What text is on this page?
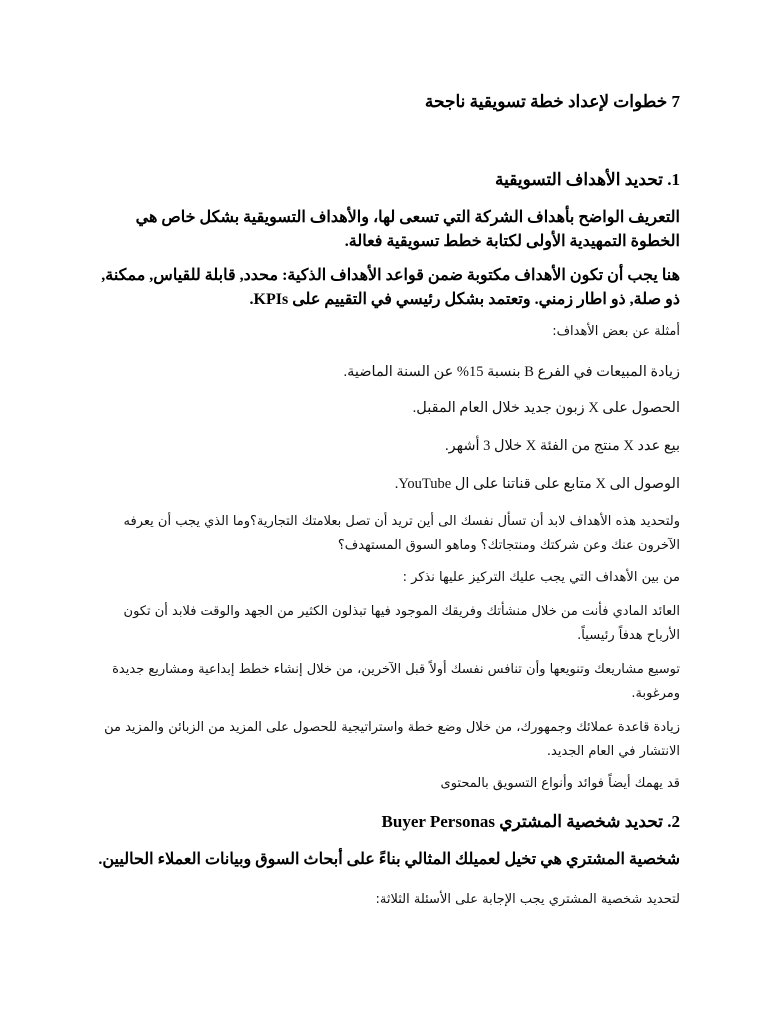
7 خطوات لإعداد خطة تسويقية ناجحة

1. تحديد الأهداف التسويقية

التعريف الواضح بأهداف الشركة التي تسعى لها، والأهداف التسويقية بشكل خاص هي الخطوة التمهيدية الأولى لكتابة خطط تسويقية فعالة.

هنا يجب أن تكون الأهداف مكتوبة ضمن قواعد الأهداف الذكية: محدد, قابلة للقياس, ممكنة, ذو صلة, ذو اطار زمني. وتعتمد بشكل رئيسي في التقييم على KPIs.

أمثلة عن بعض الأهداف:

زيادة المبيعات في الفرع B بنسبة 15% عن السنة الماضية.

الحصول على X زبون جديد خلال العام المقبل.

بيع عدد X منتج من الفئة X خلال 3 أشهر.

الوصول الى X متابع على قناتنا على ال YouTube.

ولتحديد هذه الأهداف لابد أن تسأل نفسك الى أين تريد أن تصل بعلامتك التجارية؟وما الذي يجب أن يعرفه الآخرون عنك وعن شركتك ومنتجاتك؟ وماهو السوق المستهدف؟

من بين الأهداف التي يجب عليك التركيز عليها نذكر :

العائد المادي فأنت من خلال منشأتك وفريقك الموجود فيها تبذلون الكثير من الجهد والوقت فلابد أن تكون الأرباح هدفاً رئيسياً.

توسيع مشاريعك وتنويعها وأن تنافس نفسك أولاً قبل الآخرين، من خلال إنشاء خطط إبداعية ومشاريع جديدة ومرغوبة.

زيادة قاعدة عملائك وجمهورك، من خلال وضع خطة واستراتيجية للحصول على المزيد من الزبائن والمزيد من الانتشار في العام الجديد.

قد يهمك أيضاً فوائد وأنواع التسويق بالمحتوى

2. تحديد شخصية المشتري Buyer Personas

شخصية المشتري هي تخيل لعميلك المثالي بناءً على أبحاث السوق وبيانات العملاء الحاليين.

لتحديد شخصية المشتري يجب الإجابة على الأسئلة الثلاثة:
